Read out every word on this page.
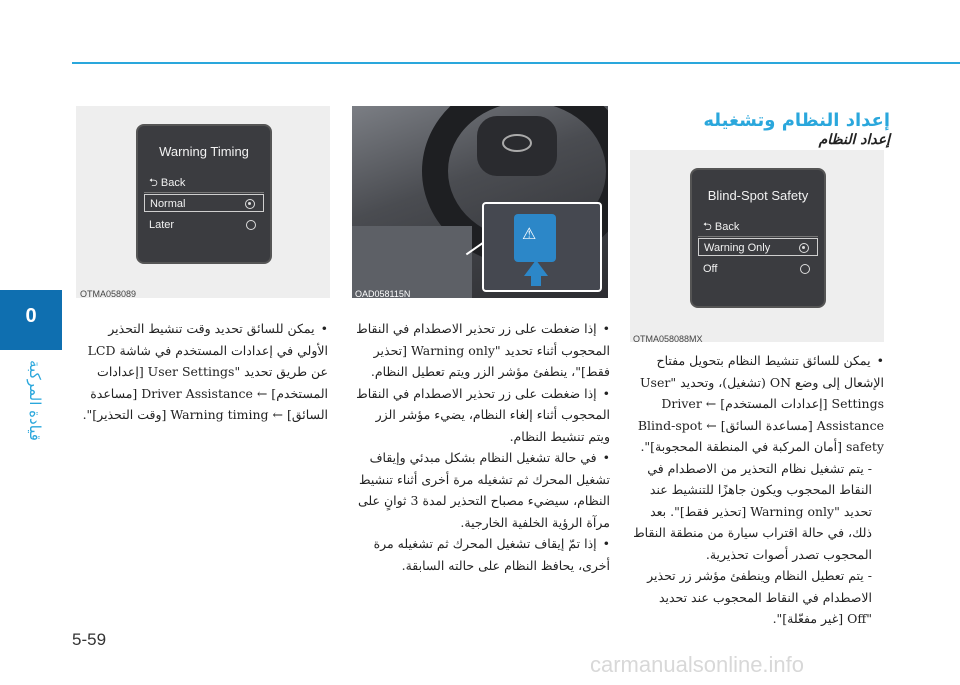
0
قيادة المركبة
إعداد النظام وتشغيله
إعداد النظام
Warning Timing
⮌ Back
Normal
Later
OTMA058089
⚠
OAD058115N
Blind-Spot Safety
⮌ Back
Warning Only
Off
OTMA058088MX

• يمكن للسائق تحديد وقت تنشيط التحذير الأولي في إعدادات المستخدم في شاشة LCD عن طريق تحديد "User Settings [إعدادات المستخدم] ← Driver Assistance [مساعدة السائق] ← Warning timing [وقت التحذير]".

• إذا ضغطت على زر تحذير الاصطدام في النقاط المحجوب أثناء تحديد "Warning only [تحذير فقط]"، ينطفئ مؤشر الزر ويتم تعطيل النظام.

• إذا ضغطت على زر تحذير الاصطدام في النقاط المحجوب أثناء إلغاء النظام، يضيء مؤشر الزر ويتم تنشيط النظام.

• في حالة تشغيل النظام بشكل مبدئي وإيقاف تشغيل المحرك ثم تشغيله مرة أخرى أثناء تنشيط النظام، سيضيء مصباح التحذير لمدة 3 ثوانٍ على مرآة الرؤية الخلفية الخارجية.

• إذا تمّ إيقاف تشغيل المحرك ثم تشغيله مرة أخرى، يحافظ النظام على حالته السابقة.

• يمكن للسائق تنشيط النظام بتحويل مفتاح الإشعال إلى وضع ON (تشغيل)، وتحديد "User Settings [إعدادات المستخدم] ← Driver Assistance [مساعدة السائق] ← Blind-spot safety [أمان المركبة في المنطقة المحجوبة]".

- يتم تشغيل نظام التحذير من الاصطدام في النقاط المحجوب ويكون جاهزًا للتنشيط عند تحديد "Warning only [تحذير فقط]". بعد ذلك، في حالة اقتراب سيارة من منطقة النقاط المحجوب تصدر أصوات تحذيرية.

- يتم تعطيل النظام وينطفئ مؤشر زر تحذير الاصطدام في النقاط المحجوب عند تحديد "Off [غير مفعّلة]".

5-59
carmanualsonline.info
